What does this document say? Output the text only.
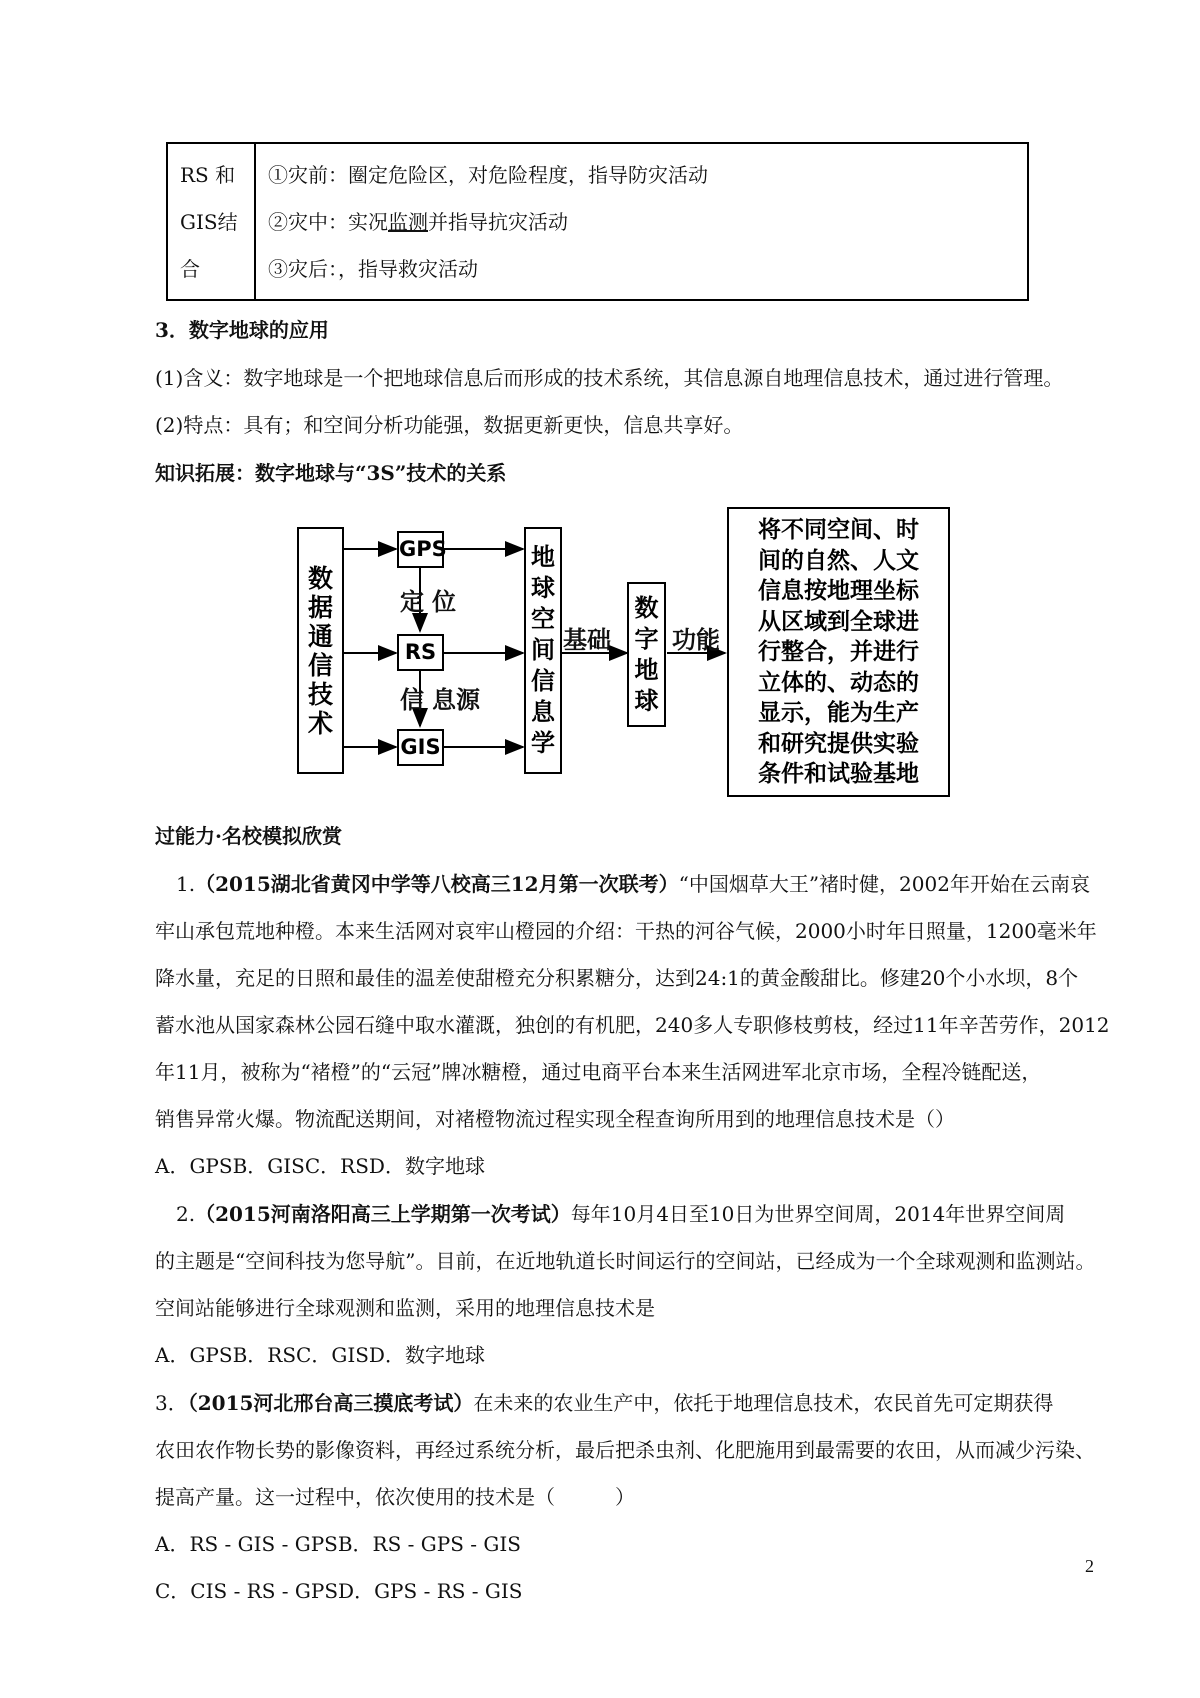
RS 和
GIS结
合
①灾前：圈定危险区，对危险程度，指导防灾活动
②灾中：实况监测并指导抗灾活动
③灾后：，指导救灾活动
3．数字地球的应用
(1)含义：数字地球是一个把地球信息后而形成的技术系统，其信息源自地理信息技术，通过进行管理。
(2)特点：具有；和空间分析功能强，数据更新更快，信息共享好。
知识拓展：数字地球与“3S”技术的关系
数
据
通
信
技
术
GPS
RS
GIS
定 位
信 息源
地
球
空
间
信
息
学
基础
数
字
地
球
功能
将不同空间、时
间的自然、人文
信息按地理坐标
从区域到全球进
行整合，并进行
立体的、动态的
显示，能为生产
和研究提供实验
条件和试验基地
过能力·名校模拟欣赏
1.（2015湖北省黄冈中学等八校高三12月第一次联考）“中国烟草大王”褚时健，2002年开始在云南哀
牢山承包荒地种橙。本来生活网对哀牢山橙园的介绍：干热的河谷气候，2000小时年日照量，1200毫米年
降水量，充足的日照和最佳的温差使甜橙充分积累糖分，达到24:1的黄金酸甜比。修建20个小水坝，8个
蓄水池从国家森林公园石缝中取水灌溉，独创的有机肥，240多人专职修枝剪枝，经过11年辛苦劳作，2012
年11月，被称为“褚橙”的“云冠”牌冰糖橙，通过电商平台本来生活网进军北京市场，全程冷链配送，
销售异常火爆。物流配送期间，对褚橙物流过程实现全程查询所用到的地理信息技术是（）
A．GPSB．GISC．RSD．数字地球
2.（2015河南洛阳高三上学期第一次考试）每年10月4日至10日为世界空间周，2014年世界空间周
的主题是“空间科技为您导航”。目前，在近地轨道长时间运行的空间站，已经成为一个全球观测和监测站。
空间站能够进行全球观测和监测，采用的地理信息技术是
A．GPSB．RSC．GISD．数字地球
3．（2015河北邢台高三摸底考试）在未来的农业生产中，依托于地理信息技术，农民首先可定期获得
农田农作物长势的影像资料，再经过系统分析，最后把杀虫剂、化肥施用到最需要的农田，从而减少污染、
提高产量。这一过程中，依次使用的技术是（　　　）
A．RS - GIS - GPSB．RS - GPS - GIS
C．CIS - RS - GPSD．GPS - RS - GIS
2
